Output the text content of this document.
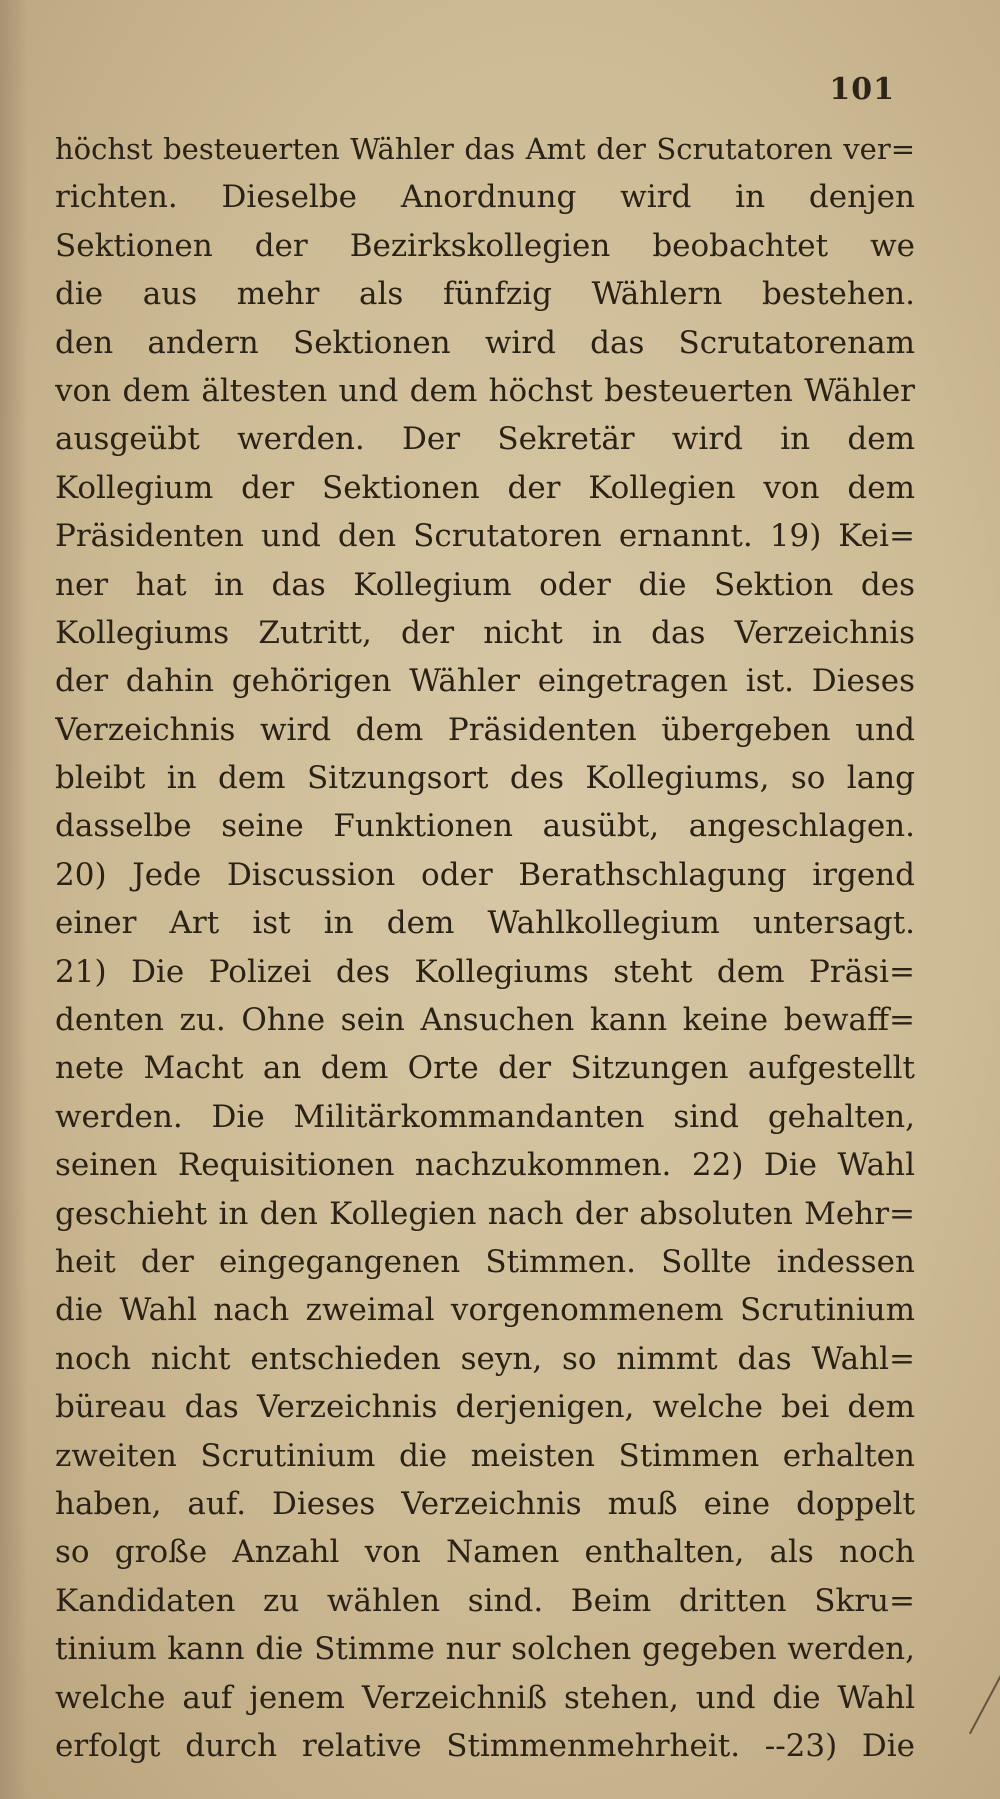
101
höchst besteuerten Wähler das Amt der Scrutatoren ver=
richten. Dieselbe Anordnung wird in denjen
Sektionen der Bezirkskollegien beobachtet we
die aus mehr als fünfzig Wählern bestehen.
den andern Sektionen wird das Scrutatorenam
von dem ältesten und dem höchst besteuerten Wähler
ausgeübt werden. Der Sekretär wird in dem
Kollegium der Sektionen der Kollegien von dem
Präsidenten und den Scrutatoren ernannt. 19) Kei=
ner hat in das Kollegium oder die Sektion des
Kollegiums Zutritt, der nicht in das Verzeichnis
der dahin gehörigen Wähler eingetragen ist. Dieses
Verzeichnis wird dem Präsidenten übergeben und
bleibt in dem Sitzungsort des Kollegiums, so lang
dasselbe seine Funktionen ausübt, angeschlagen.
20) Jede Discussion oder Berathschlagung irgend
einer Art ist in dem Wahlkollegium untersagt.
21) Die Polizei des Kollegiums steht dem Präsi=
denten zu. Ohne sein Ansuchen kann keine bewaff=
nete Macht an dem Orte der Sitzungen aufgestellt
werden. Die Militärkommandanten sind gehalten,
seinen Requisitionen nachzukommen. 22) Die Wahl
geschieht in den Kollegien nach der absoluten Mehr=
heit der eingegangenen Stimmen. Sollte indessen
die Wahl nach zweimal vorgenommenem Scrutinium
noch nicht entschieden seyn, so nimmt das Wahl=
büreau das Verzeichnis derjenigen, welche bei dem
zweiten Scrutinium die meisten Stimmen erhalten
haben, auf. Dieses Verzeichnis muß eine doppelt
so große Anzahl von Namen enthalten, als noch
Kandidaten zu wählen sind. Beim dritten Skru=
tinium kann die Stimme nur solchen gegeben werden,
welche auf jenem Verzeichniß stehen, und die Wahl
erfolgt durch relative Stimmenmehrheit. --23) Die
